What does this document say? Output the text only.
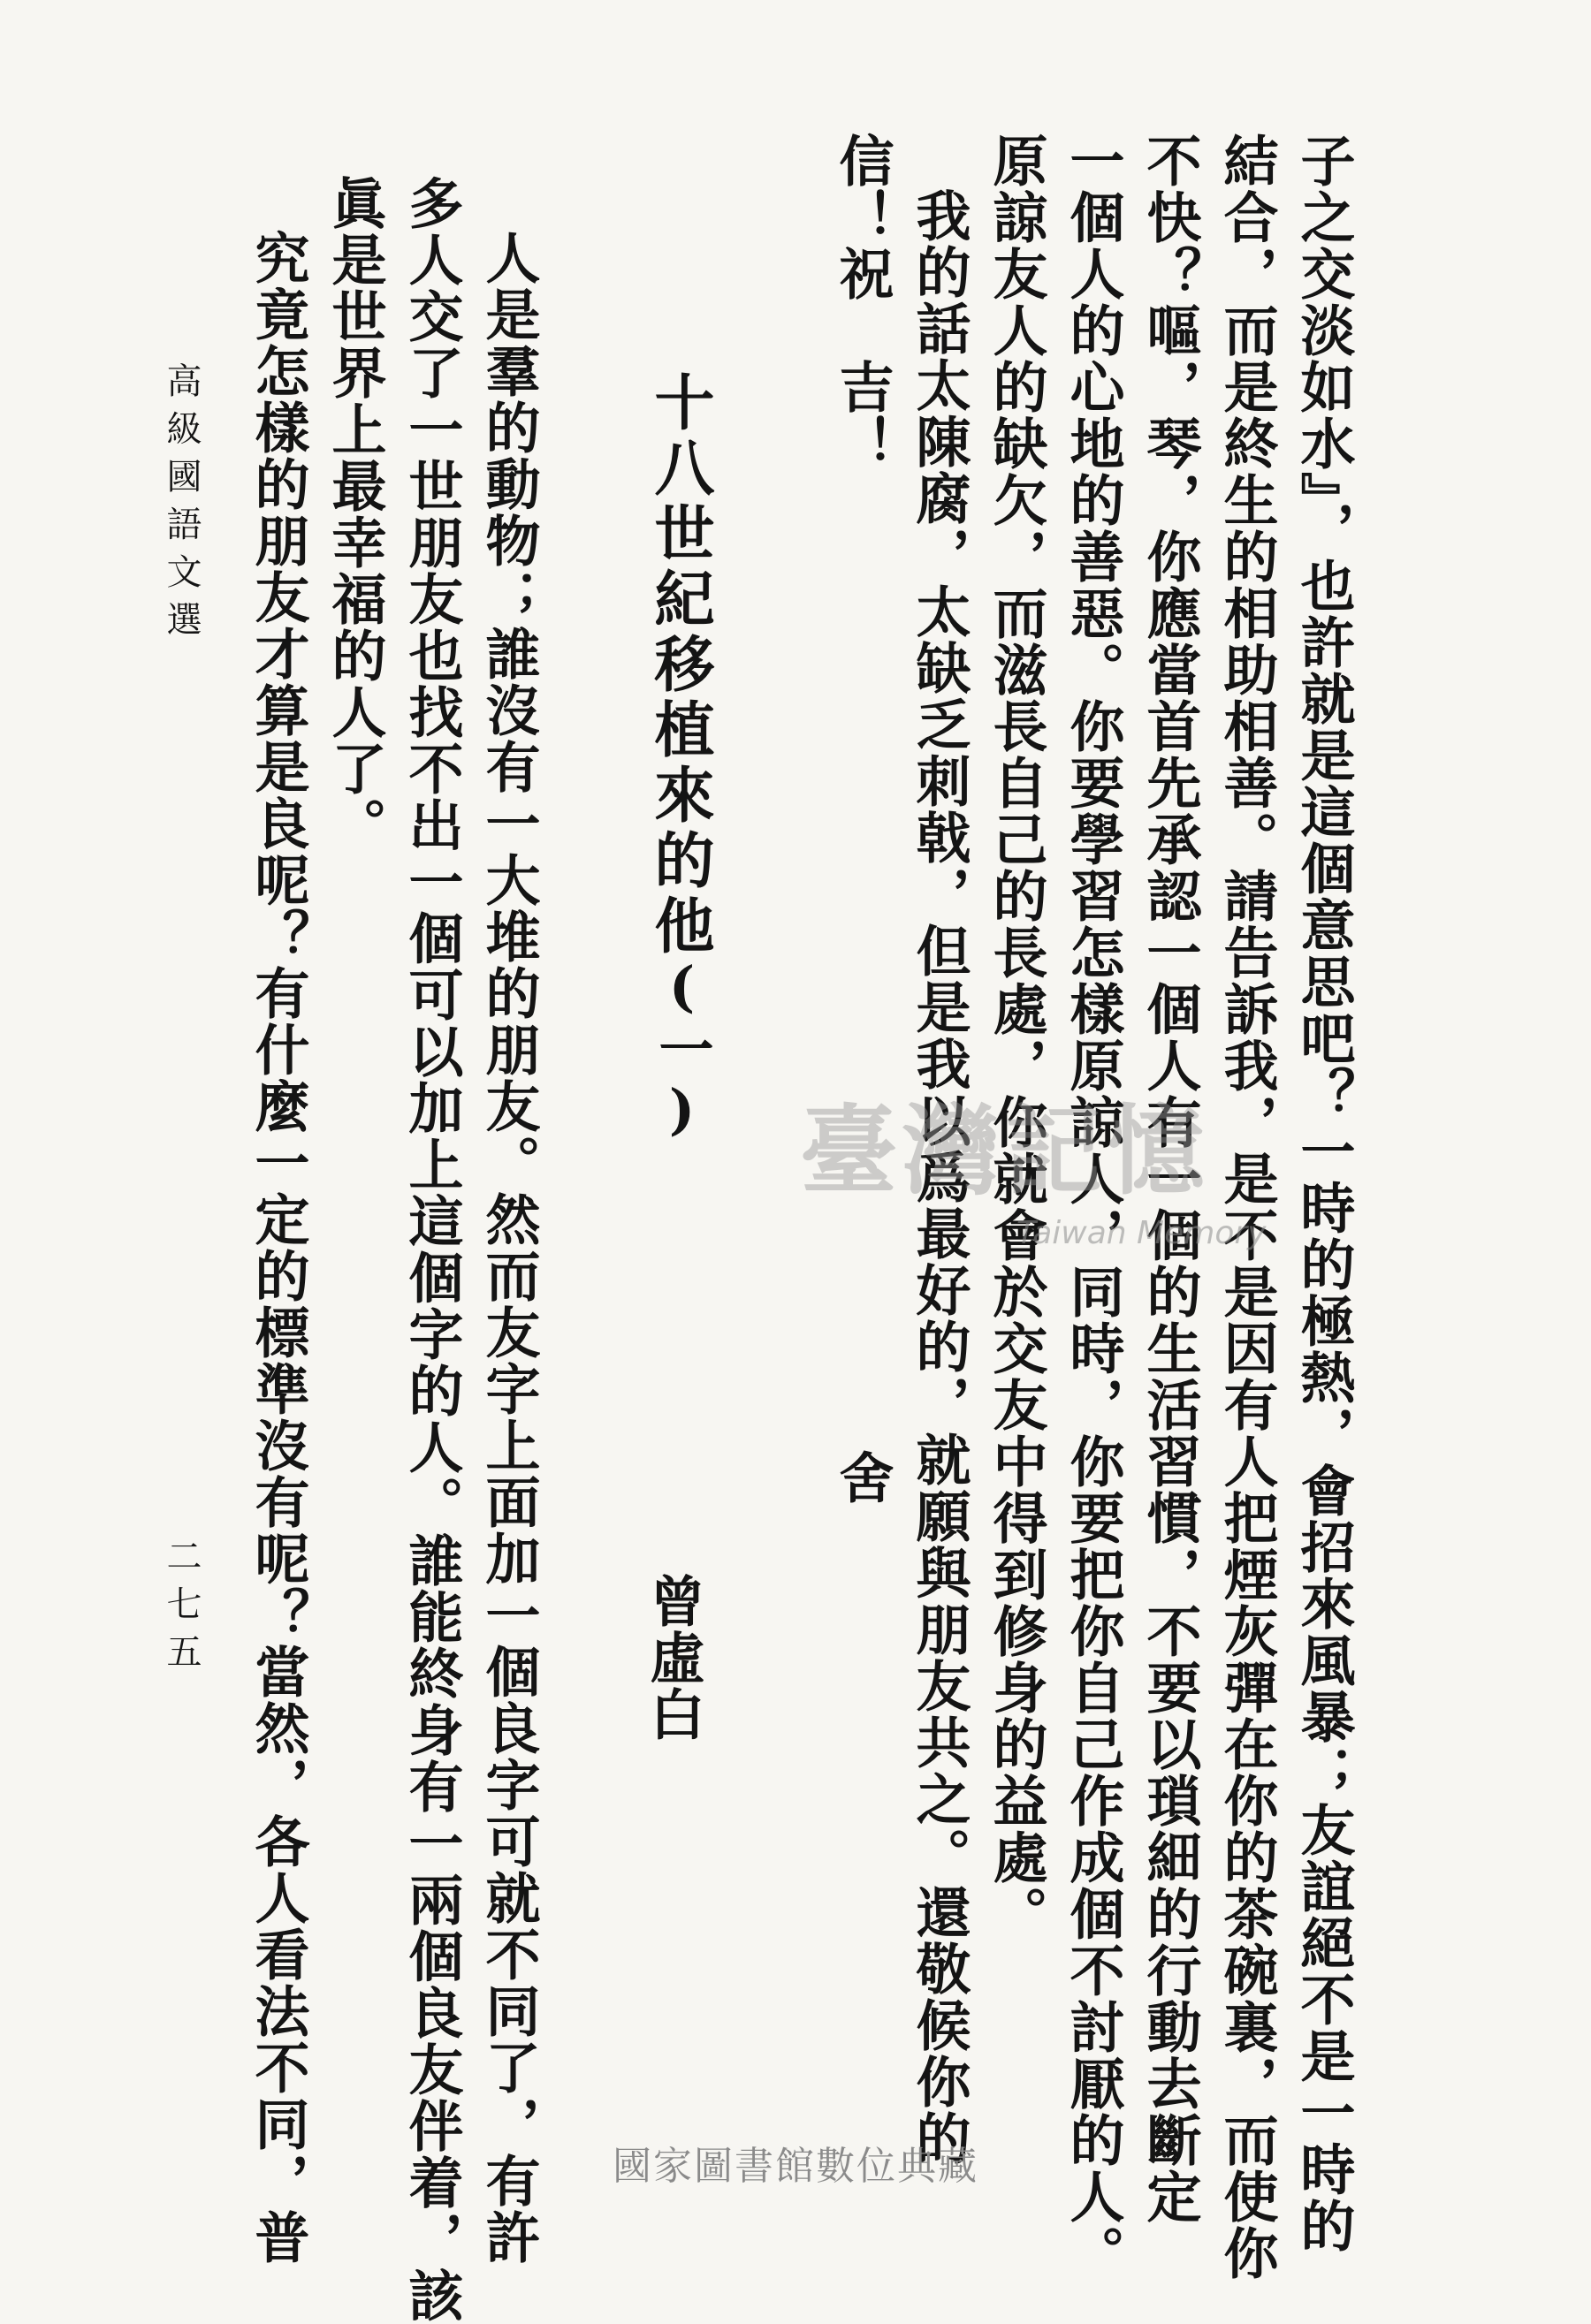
子之交淡如水』，也許就是這個意思吧？一時的極熱，會招來風暴；友誼絕不是一時的
結合，而是終生的相助相善。請告訴我，是不是因有人把煙灰彈在你的茶碗裏，而使你
不快？嘔，琴，你應當首先承認一個人有一個的生活習慣，不要以瑣細的行動去斷定
一個人的心地的善惡。你要學習怎樣原諒人，同時，你要把你自己作成個不討厭的人。
原諒友人的缺欠，而滋長自己的長處，你就會於交友中得到修身的益處。
我的話太陳腐，太缺乏刺戟，但是我以爲最好的，就願與朋友共之。還敬候你的
信！祝　吉！
舍
十八世紀移植來的他
(一)
曾虛白
人是羣的動物；誰沒有一大堆的朋友。然而友字上面加一個良字可就不同了，有許
多人交了一世朋友也找不出一個可以加上這個字的人。誰能終身有一兩個良友伴着，該
眞是世界上最幸福的人了。
究竟怎樣的朋友才算是良呢？有什麼一定的標準沒有呢？當然，各人看法不同，普
高級國語文選
二七五
臺灣記憶
Taiwan Memory
國家圖書館數位典藏
